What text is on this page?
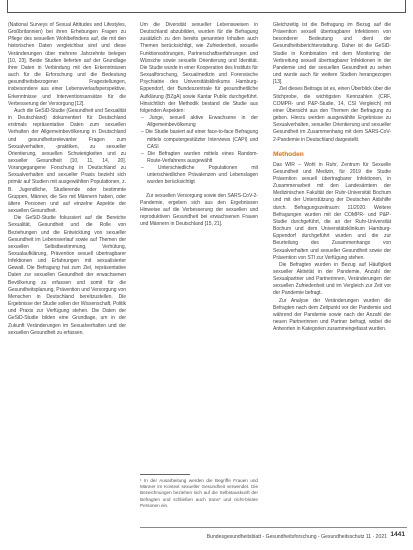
(National Surveys of Sexual Attitudes and Lifestyles, Großbritannien) bei ihren Erhebungen Fragen zu Pflege des sexuellen Wohlbefindens auf, die mit den historischen Daten vergleichbar sind und diese Veränderungen über mehrere Jahrzehnte belegen [10, 23]. Beide Studien lieferten auf der Grundlage ihrer Daten in Verbindung mit den Erkenntnissen auch für die Erforschung und die Bedeutung gesundheitsbezogener Fragestellungen, insbesondere aus einer Lebensverlaufsperspektive, Erkenntnisse und Interventionsansätze für die Verbesserung der Versorgung [12].

Auch die GeSiD-Studie (Gesundheit und Sexualität in Deutschland) dokumentiert für Deutschland erstmals repräsentative Daten zum sexuellen Verhalten der Allgemeinbevölkerung in Deutschland und gesundheitsrelevanter Fragen zum Sexualverhalten, -praktiken, zu sexueller Orientierung, sexuellen Schwierigkeiten und zu sexueller Gesundheit [10, 11, 14, 20]. Vorangegangene Forschung in Deutschland zu Sexualverhalten und sexueller Praxis bezieht sich primär auf Studien mit ausgewählten Populationen, z. B. Jugendliche, Studierende oder bestimmte Gruppen, Männer, die Sex mit Männern haben, oder ältere Personen und auf einzelne Aspekte der sexuellen Gesundheit.

Die GeSiD-Studie fokussiert auf die Bereiche Sexualität, Gesundheit und die Rolle von Beziehungen und die Entwicklung von sexueller Gesundheit im Lebensverlauf sowie auf Themen der sexuellen Selbstbestimmung, Verhütung, Sexualaufklärung, Prävention sexuell übertragbarer Infektionen und Erfahrungen mit sexualisierter Gewalt. Die Befragung hat zum Ziel, repräsentative Daten zur sexuellen Gesundheit der erwachsenen Bevölkerung zu erfassen und somit für die Gesundheitsplanung, Prävention und Versorgung von Menschen in Deutschland bereitzustellen. Die Ergebnisse der Studie sollen der Wissenschaft, Politik und Praxis zur Verfügung stehen. Die Daten der GeSiD-Studie bilden eine Grundlage, um in der Zukunft Veränderungen im Sexualverhalten und der sexuellen Gesundheit zu erfassen.

Um die Diversität sexueller Lebensweisen in Deutschland abzubilden, wurden für die Befragung zusätzlich zu den bereits genannten Inhalten auch Themen berücksichtigt, wie Zufriedenheit, sexuelle Funktionsstörungen, Partnerschaftserfahrungen und Wünsche sowie sexuelle Orientierung und Identität. Die Studie wurde in einer Kooperation des Instituts für Sexualforschung, Sexualmedizin und Forensische Psychiatrie des Universitätsklinikums Hamburg-Eppendorf, der Bundeszentrale für gesundheitliche Aufklärung (BZgA) sowie Kantar Public durchgeführt. Hinsichtlich der Methodik bestand die Studie aus folgenden Aspekten:

– Junge, sexuell aktive Erwachsene in der Allgemeinbevölkerung

– Die Studie basiert auf einer face-to-face Befragung mittels computergestützter Interviews (CAPI) und CASI

– Die Befragten wurden mittels eines Random-Route-Verfahrens ausgewählt

– Unterschiedliche Populationen mit unterschiedlichen Prävalenzen und Lebenslagen wurden berücksichtigt

Zur sexuellen Versorgung sowie den SARS-CoV-2-Pandemie, ergeben sich aus den Ergebnissen Hinweise auf die Verbesserung der sexuellen und reproduktiven Gesundheit bei erwachsenen Frauen und Männern in Deutschland [15, 21].

¹ In der Ausarbeitung werden die Begriffe Frauen und Männer im Kontext sexueller Gesundheit verwendet. Die Bezeichnungen beziehen sich auf die Selbstauskunft der Befragten und schließen auch trans* und nicht-binäre Personen ein.

Gleichzeitig ist die Befragung im Bezug auf die Prävention sexuell übertragbarer Infektionen von besonderer Bedeutung und dient der Gesundheitsberichterstattung. Daher ist die GeSiD-Studie in Kombination mit dem Monitoring der Verbreitung sexuell übertragbarer Infektionen in der Pandemie und der sexuellen Gesundheit zu sehen und wurde auch für weitere Studien herangezogen [13].

Ziel dieses Beitrags ist es, einen Überblick über die Stichprobe, die wichtigsten Kennzahlen (CRF, COMPR- und P&P-Studie, 14, CSI Vergleich) mit einer Übersicht aus den Themen der Befragung zu geben. Hierzu werden ausgewählte Ergebnisse zu Sexualverhalten, sexueller Orientierung und sexueller Gesundheit im Zusammenhang mit dem SARS-CoV-2-Pandemie in Deutschland dargestellt.

Methoden

Das WIR – Wohl in Ruhr, Zentrum für Sexuelle Gesundheit und Medizin, für 2019 die Studie Prävention sexuell übertragbarer Infektionen, in Zusammenarbeit mit den Landesämtern der Medizinischen Fakultät der Ruhr-Universität Bochum und mit der Unterstützung der Deutschen Aidshilfe durch. Befragungszeitraum: 11/2020. Weitere Befragungen wurden mit der COMPR- und P&P-Studie durchgeführt, die an der Ruhr-Universität Bochum und dem Universitätsklinikum Hamburg-Eppendorf durchgeführt wurden und die zur Beurteilung des Zusammenhangs von Sexualverhalten und sexueller Gesundheit sowie der Prävention von STI zur Verfügung stehen.

Die Befragten wurden in Bezug auf Häufigkeit sexueller Aktivität in der Pandemie, Anzahl der Sexualpartner und Partnerinnen, Veränderungen der sexuellen Zufriedenheit und im Vergleich zur Zeit vor der Pandemie befragt.

Zur Analyse der Veränderungen wurden die Befragten nach dem Zeitpunkt vor der Pandemie und während der Pandemie sowie nach der Anzahl der neuen Partnerinnen und Partner befragt, wobei die Antworten in Kategorien zusammengefasst wurden.

Bundesgesundheitsblatt - Gesundheitsforschung - Gesundheitsschutz 11 · 2021 1441
